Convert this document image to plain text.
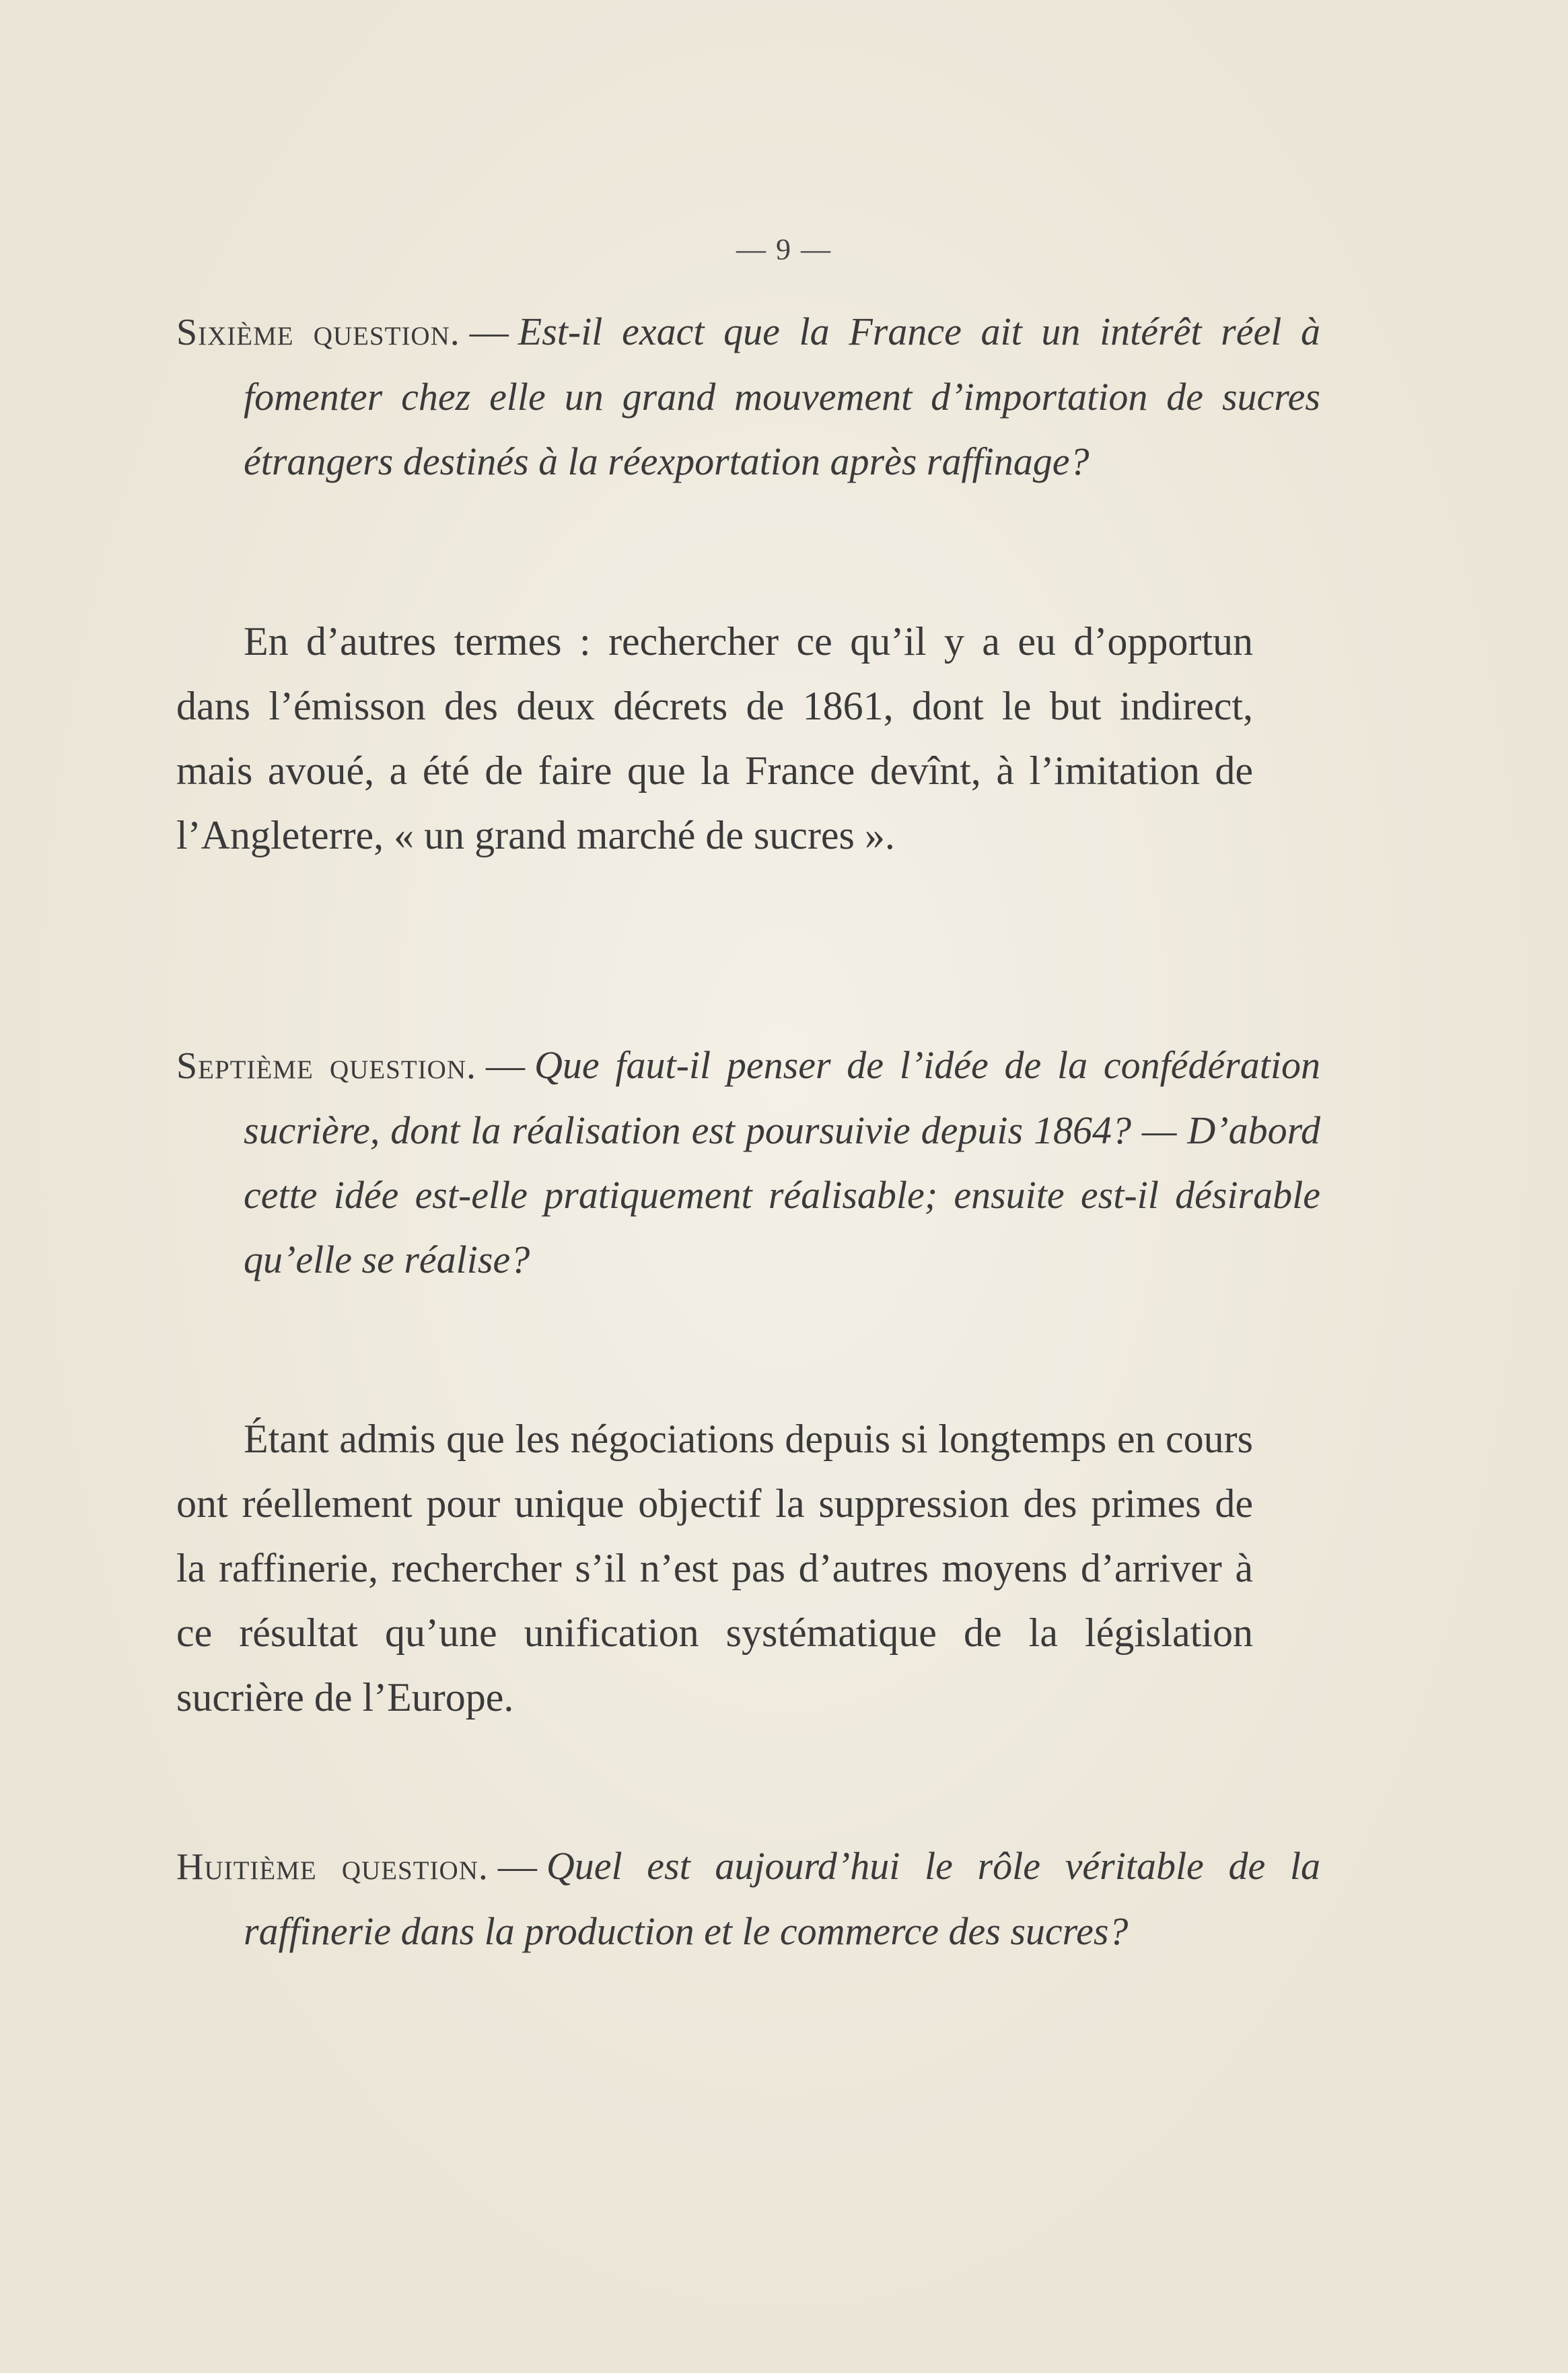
— 9 —
Sixième question. — Est-il exact que la France ait un intérêt réel à fomenter chez elle un grand mouvement d’importation de sucres étrangers destinés à la réexportation après raffinage?
En d’autres termes : rechercher ce qu’il y a eu d’opportun dans l’émisson des deux décrets de 1861, dont le but indirect, mais avoué, a été de faire que la France devînt, à l’imitation de l’Angleterre, « un grand marché de sucres ».
Septième question. — Que faut-il penser de l’idée de la confédération sucrière, dont la réalisation est poursuivie depuis 1864? — D’abord cette idée est-elle pratiquement réalisable; ensuite est-il désirable qu’elle se réalise?
Étant admis que les négociations depuis si longtemps en cours ont réellement pour unique objectif la suppression des primes de la raffinerie, rechercher s’il n’est pas d’autres moyens d’arriver à ce résultat qu’une unification systématique de la législation sucrière de l’Europe.
Huitième question. — Quel est aujourd’hui le rôle véritable de la raffinerie dans la production et le commerce des sucres?
